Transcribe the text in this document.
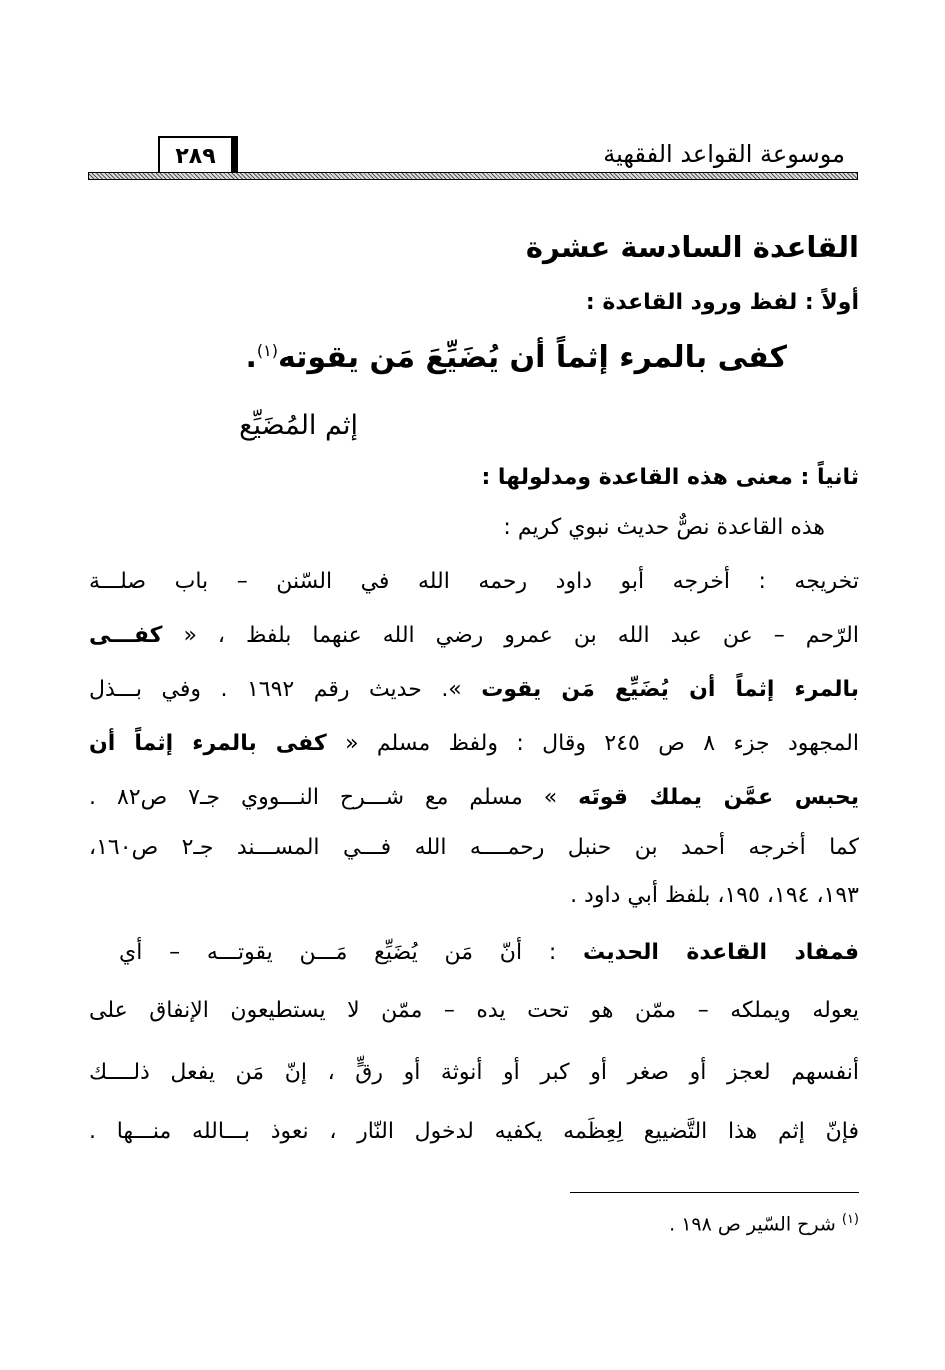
موسوعة القواعد الفقهية
٢٨٩
القاعدة السادسة عشرة
أولاً : لفظ ورود القاعدة :
كفى بالمرء إثماً أن يُضَيِّعَ مَن يقوته$^{(١)}$.
إثم المُضَيِّع
ثانياً : معنى هذه القاعدة ومدلولها :
هذه القاعدة نصٌّ حديث نبوي كريم :
تخريجه : أخرجه أبو داود رحمه الله في السّنن – باب صلـــة
الرّحم – عن عبد الله بن عمرو رضي الله عنهما بلفظ ، « كفـــى
بالمرء إثماً أن يُضَيِّع مَن يقوت ». حديث رقم ١٦٩٢ . وفي بـــذل
المجهود جزء ٨ ص ٢٤٥ وقال : ولفظ مسلم « كفى بالمرء إثماً أن
يحبس عمَّن يملك قوتَه » مسلم مع شـــرح النـــووي جـ٧ ص٨٢ .
كما أخرجه أحمد بن حنبل رحمــــه الله فـــي المســـند جـ٢ ص١٦٠،
١٩٣، ١٩٤، ١٩٥، بلفظ أبي داود .
فمفاد القاعدة الحديث : أنّ مَن يُضَيِّع مَـــن يقوتـــه – أي
يعوله ويملكه – ممّن هو تحت يده – ممّن لا يستطيعون الإنفاق على
أنفسهم لعجز أو صغر أو كبر أو أنوثة أو رقٍّ ، إنّ مَن يفعل ذلــــك
فإنّ إثم هذا التَّضييع لِعِظَمه يكفيه لدخول النّار ، نعوذ بـــالله منـــها .
$^{(١)}$ شرح السّير ص ١٩٨ .
